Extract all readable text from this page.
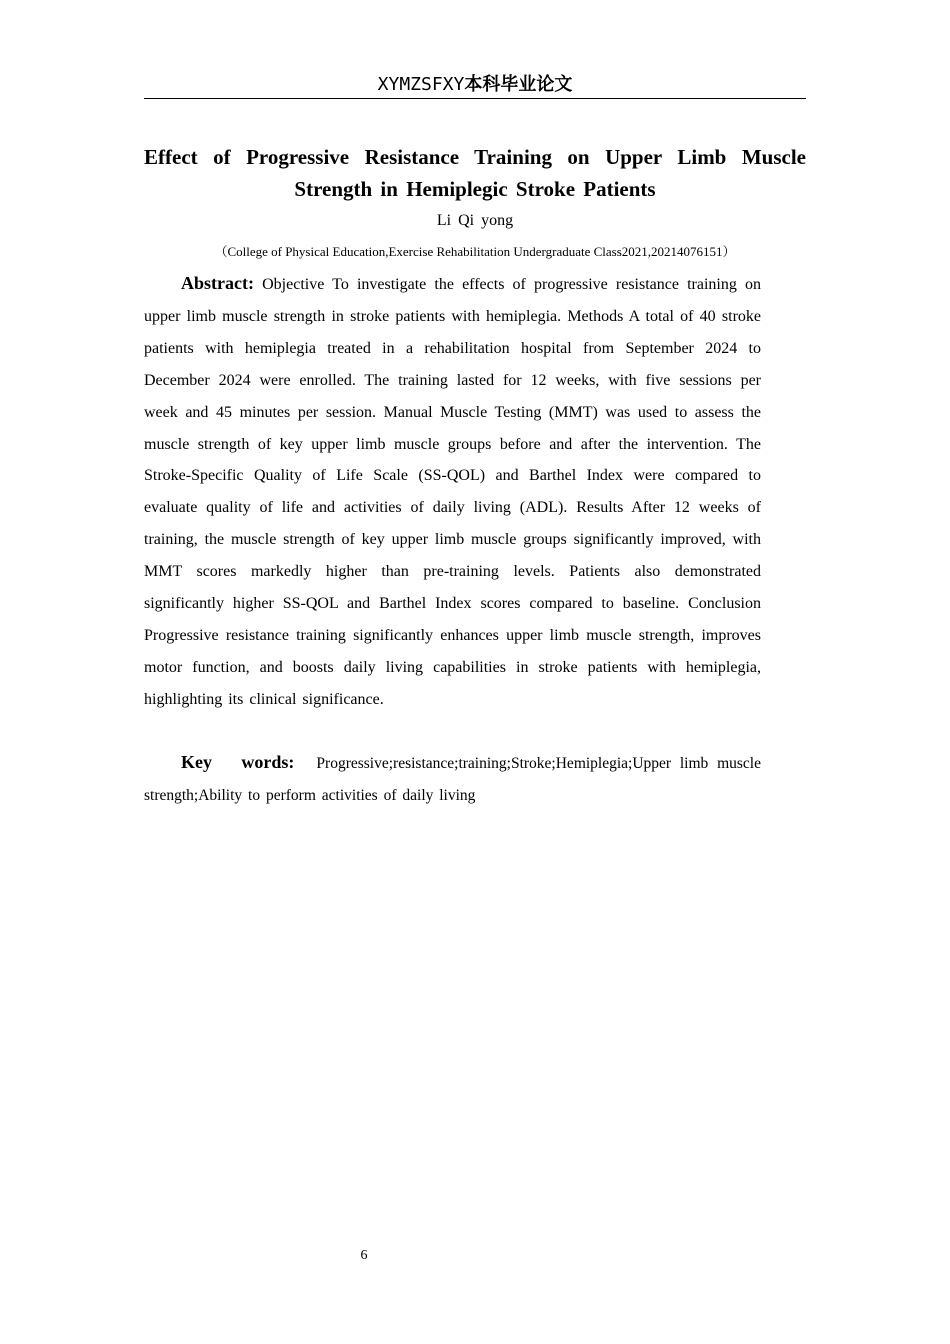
XYMZSFXY本科毕业论文
Effect of Progressive Resistance Training on Upper Limb Muscle Strength in Hemiplegic Stroke Patients
Li Qi yong
（College of Physical Education,Exercise Rehabilitation Undergraduate Class2021,20214076151）

Abstract: Objective To investigate the effects of progressive resistance training on upper limb muscle strength in stroke patients with hemiplegia. Methods A total of 40 stroke patients with hemiplegia treated in a rehabilitation hospital from September 2024 to December 2024 were enrolled. The training lasted for 12 weeks, with five sessions per week and 45 minutes per session. Manual Muscle Testing (MMT) was used to assess the muscle strength of key upper limb muscle groups before and after the intervention. The Stroke-Specific Quality of Life Scale (SS-QOL) and Barthel Index were compared to evaluate quality of life and activities of daily living (ADL). Results After 12 weeks of training, the muscle strength of key upper limb muscle groups significantly improved, with MMT scores markedly higher than pre-training levels. Patients also demonstrated significantly higher SS-QOL and Barthel Index scores compared to baseline. Conclusion Progressive resistance training significantly enhances upper limb muscle strength, improves motor function, and boosts daily living capabilities in stroke patients with hemiplegia, highlighting its clinical significance.

Key words: Progressive;resistance;training;Stroke;Hemiplegia;Upper limb muscle strength;Ability to perform activities of daily living

6
